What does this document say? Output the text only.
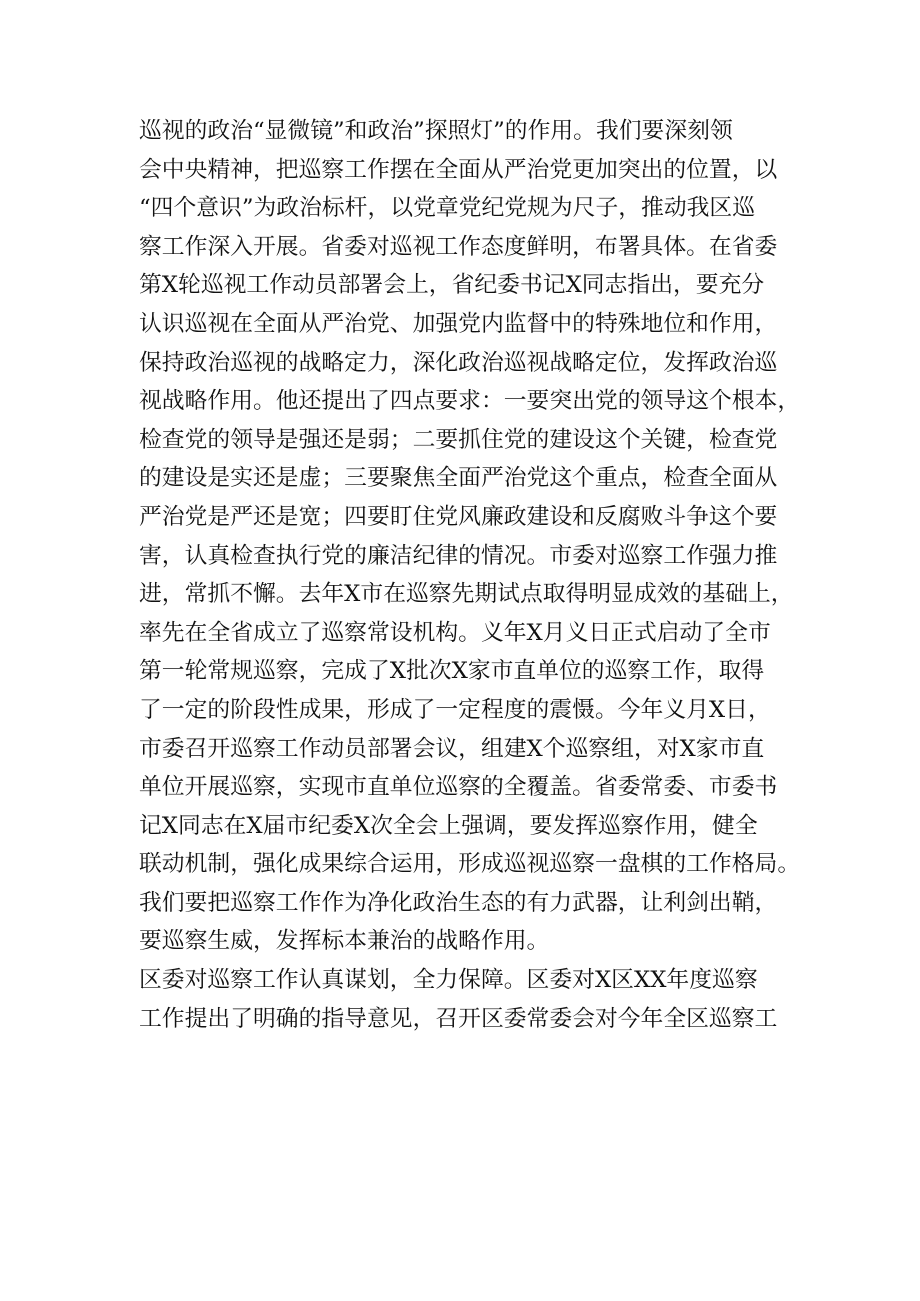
巡视的政治“显微镜”和政治”探照灯”的作用。我们要深刻领
会中央精神，把巡察工作摆在全面从严治党更加突出的位置，以
“四个意识”为政治标杆，以党章党纪党规为尺子，推动我区巡
察工作深入开展。省委对巡视工作态度鲜明，布署具体。在省委
第X轮巡视工作动员部署会上，省纪委书记X同志指出，要充分
认识巡视在全面从严治党、加强党内监督中的特殊地位和作用，
保持政治巡视的战略定力，深化政治巡视战略定位，发挥政治巡
视战略作用。他还提出了四点要求：一要突出党的领导这个根本，
检查党的领导是强还是弱；二要抓住党的建设这个关键，检查党
的建设是实还是虚；三要聚焦全面严治党这个重点，检查全面从
严治党是严还是宽；四要盯住党风廉政建设和反腐败斗争这个要
害，认真检查执行党的廉洁纪律的情况。市委对巡察工作强力推
进，常抓不懈。去年X市在巡察先期试点取得明显成效的基础上，
率先在全省成立了巡察常设机构。义年X月义日正式启动了全市
第一轮常规巡察，完成了X批次X家市直单位的巡察工作，取得
了一定的阶段性成果，形成了一定程度的震慑。今年义月X日，
市委召开巡察工作动员部署会议，组建X个巡察组，对X家市直
单位开展巡察，实现市直单位巡察的全覆盖。省委常委、市委书
记X同志在X届市纪委X次全会上强调，要发挥巡察作用，健全
联动机制，强化成果综合运用，形成巡视巡察一盘棋的工作格局。
我们要把巡察工作作为净化政治生态的有力武器，让利剑出鞘，
要巡察生威，发挥标本兼治的战略作用。
区委对巡察工作认真谋划，全力保障。区委对X区XX年度巡察
工作提出了明确的指导意见，召开区委常委会对今年全区巡察工
